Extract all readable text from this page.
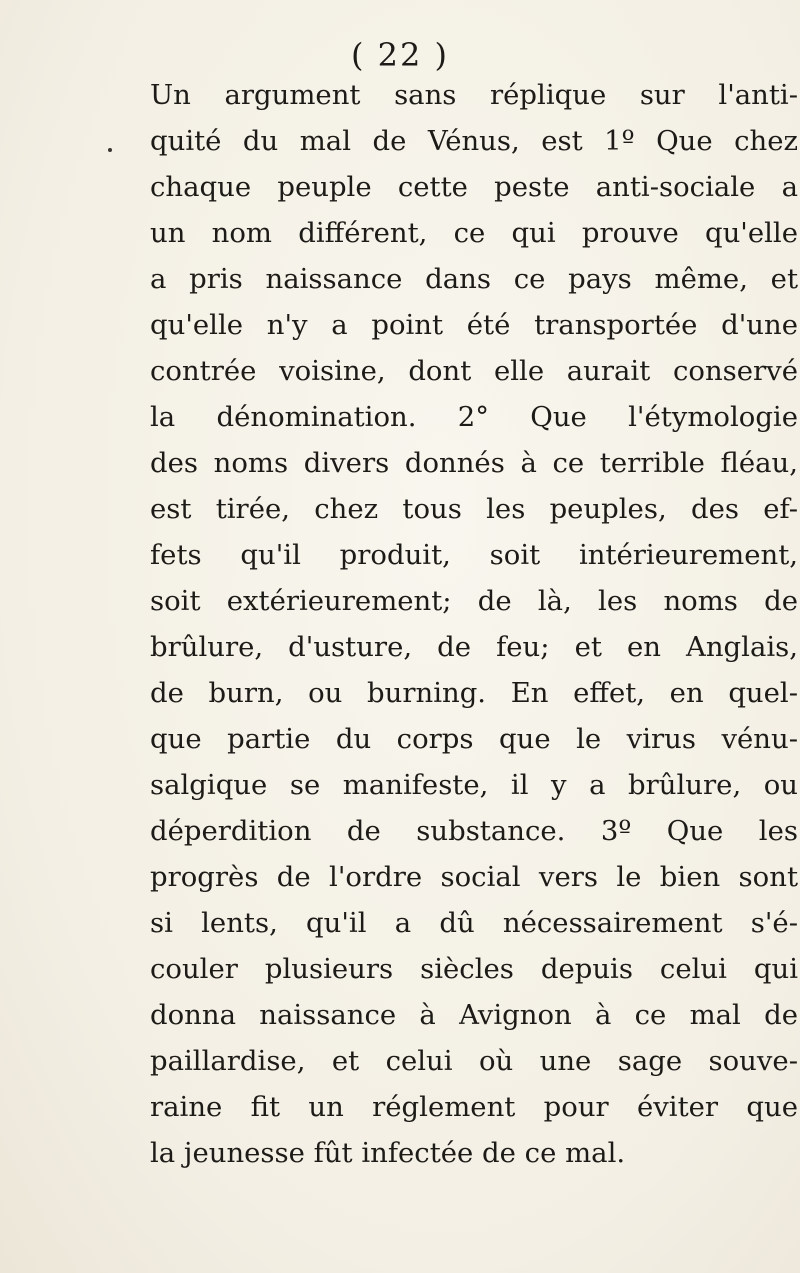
( 22 )
Un argument sans réplique sur l'anti-
quité du mal de Vénus, est 1º Que chez
chaque peuple cette peste anti-sociale a
un nom différent, ce qui prouve qu'elle
a pris naissance dans ce pays même, et
qu'elle n'y a point été transportée d'une
contrée voisine, dont elle aurait conservé
la dénomination. 2° Que l'étymologie
des noms divers donnés à ce terrible fléau,
est tirée, chez tous les peuples, des ef-
fets qu'il produit, soit intérieurement,
soit extérieurement; de là, les noms de
brûlure, d'usture, de feu; et en Anglais,
de burn, ou burning. En effet, en quel-
que partie du corps que le virus vénu-
salgique se manifeste, il y a brûlure, ou
déperdition de substance. 3º Que les
progrès de l'ordre social vers le bien sont
si lents, qu'il a dû nécessairement s'é-
couler plusieurs siècles depuis celui qui
donna naissance à Avignon à ce mal de
paillardise, et celui où une sage souve-
raine fit un réglement pour éviter que
la jeunesse fût infectée de ce mal.
